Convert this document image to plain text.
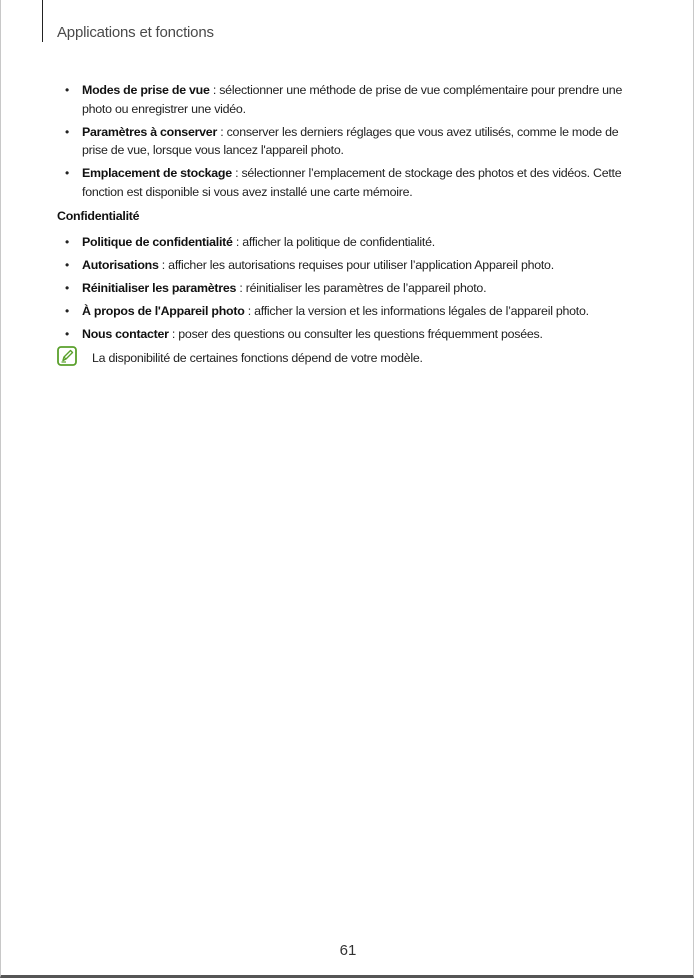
Applications et fonctions
• Modes de prise de vue : sélectionner une méthode de prise de vue complémentaire pour prendre une photo ou enregistrer une vidéo.
• Paramètres à conserver : conserver les derniers réglages que vous avez utilisés, comme le mode de prise de vue, lorsque vous lancez l'appareil photo.
• Emplacement de stockage : sélectionner l’emplacement de stockage des photos et des vidéos. Cette fonction est disponible si vous avez installé une carte mémoire.
Confidentialité
• Politique de confidentialité : afficher la politique de confidentialité.
• Autorisations : afficher les autorisations requises pour utiliser l’application Appareil photo.
• Réinitialiser les paramètres : réinitialiser les paramètres de l’appareil photo.
• À propos de l'Appareil photo : afficher la version et les informations légales de l’appareil photo.
• Nous contacter : poser des questions ou consulter les questions fréquemment posées.
La disponibilité de certaines fonctions dépend de votre modèle.
61
